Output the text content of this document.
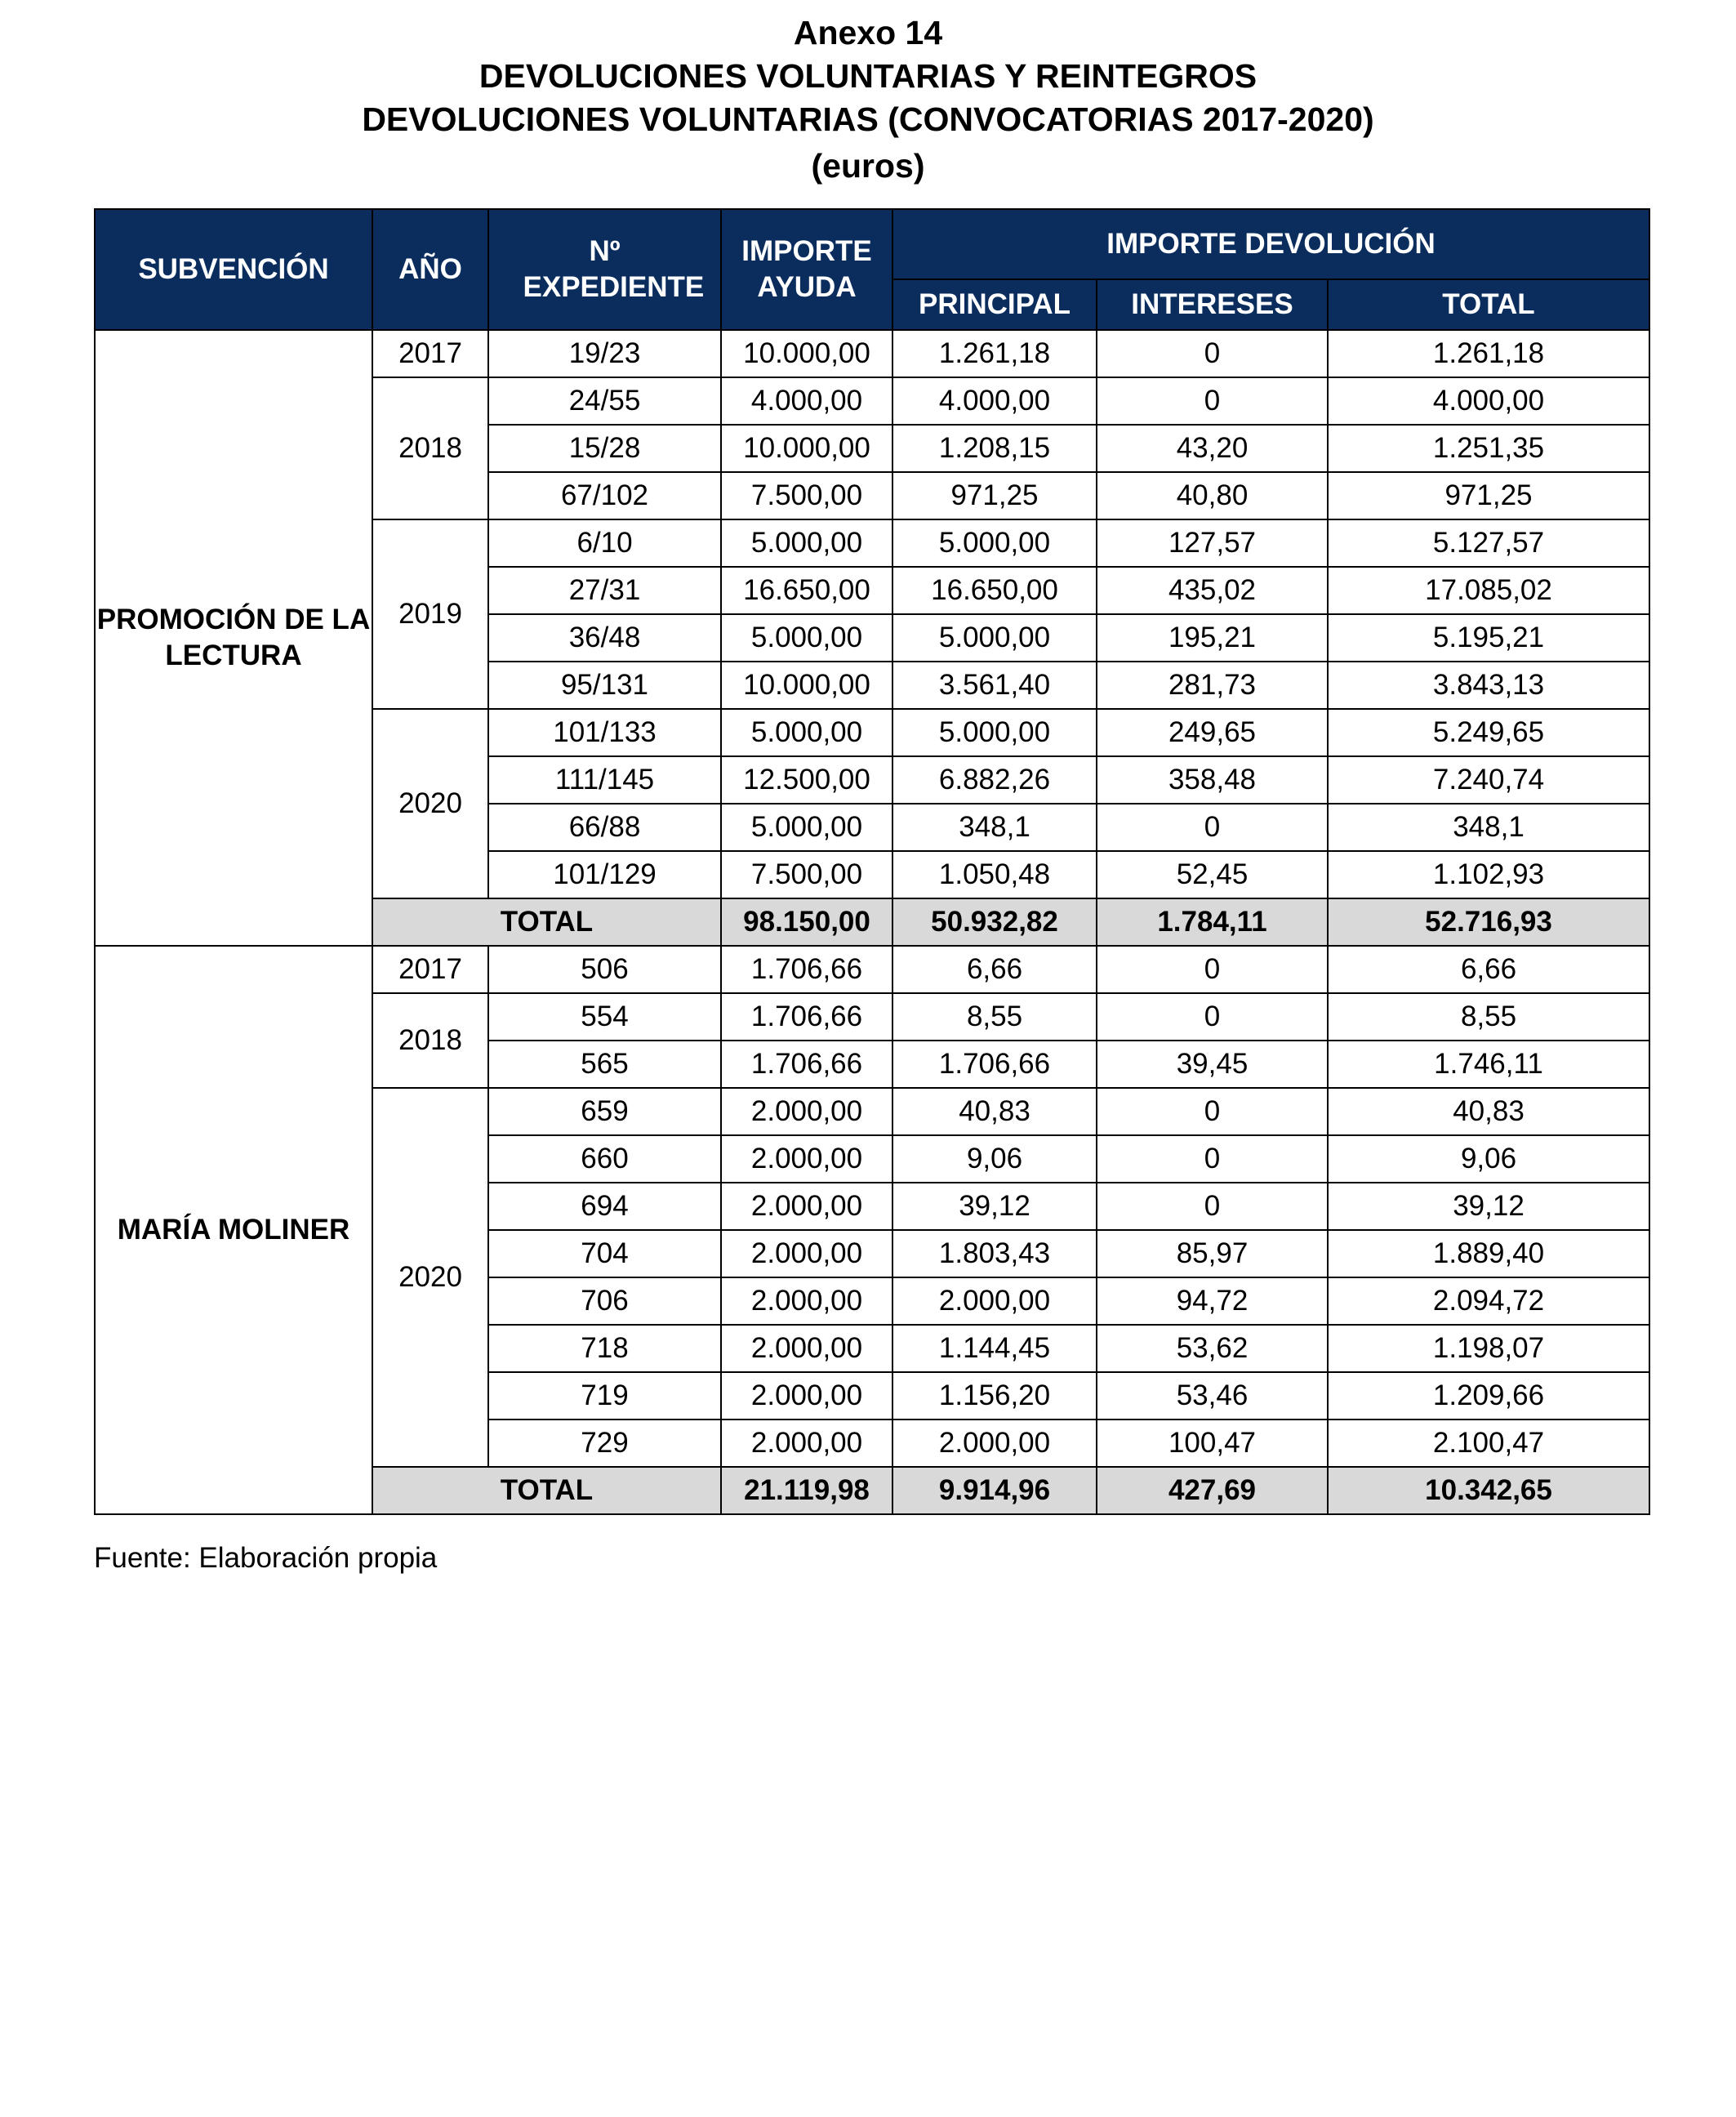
Anexo 14
DEVOLUCIONES VOLUNTARIAS Y REINTEGROS
DEVOLUCIONES VOLUNTARIAS (CONVOCATORIAS 2017-2020)
(euros)
SUBVENCIÓN	AÑO	Nº EXPEDIENTE	IMPORTE AYUDA	IMPORTE DEVOLUCIÓN		
				PRINCIPAL	INTERESES	TOTAL
PROMOCIÓN DE LA LECTURA	2017	19/23	10.000,00	1.261,18	0	1.261,18
	2018	24/55	4.000,00	4.000,00	0	4.000,00
		15/28	10.000,00	1.208,15	43,20	1.251,35
		67/102	7.500,00	971,25	40,80	971,25
	2019	6/10	5.000,00	5.000,00	127,57	5.127,57
		27/31	16.650,00	16.650,00	435,02	17.085,02
		36/48	5.000,00	5.000,00	195,21	5.195,21
		95/131	10.000,00	3.561,40	281,73	3.843,13
	2020	101/133	5.000,00	5.000,00	249,65	5.249,65
		111/145	12.500,00	6.882,26	358,48	7.240,74
		66/88	5.000,00	348,1	0	348,1
		101/129	7.500,00	1.050,48	52,45	1.102,93
	TOTAL		98.150,00	50.932,82	1.784,11	52.716,93
MARÍA MOLINER	2017	506	1.706,66	6,66	0	6,66
	2018	554	1.706,66	8,55	0	8,55
		565	1.706,66	1.706,66	39,45	1.746,11
	2020	659	2.000,00	40,83	0	40,83
		660	2.000,00	9,06	0	9,06
		694	2.000,00	39,12	0	39,12
		704	2.000,00	1.803,43	85,97	1.889,40
		706	2.000,00	2.000,00	94,72	2.094,72
		718	2.000,00	1.144,45	53,62	1.198,07
		719	2.000,00	1.156,20	53,46	1.209,66
		729	2.000,00	2.000,00	100,47	2.100,47
	TOTAL		21.119,98	9.914,96	427,69	10.342,65
Fuente: Elaboración propia
